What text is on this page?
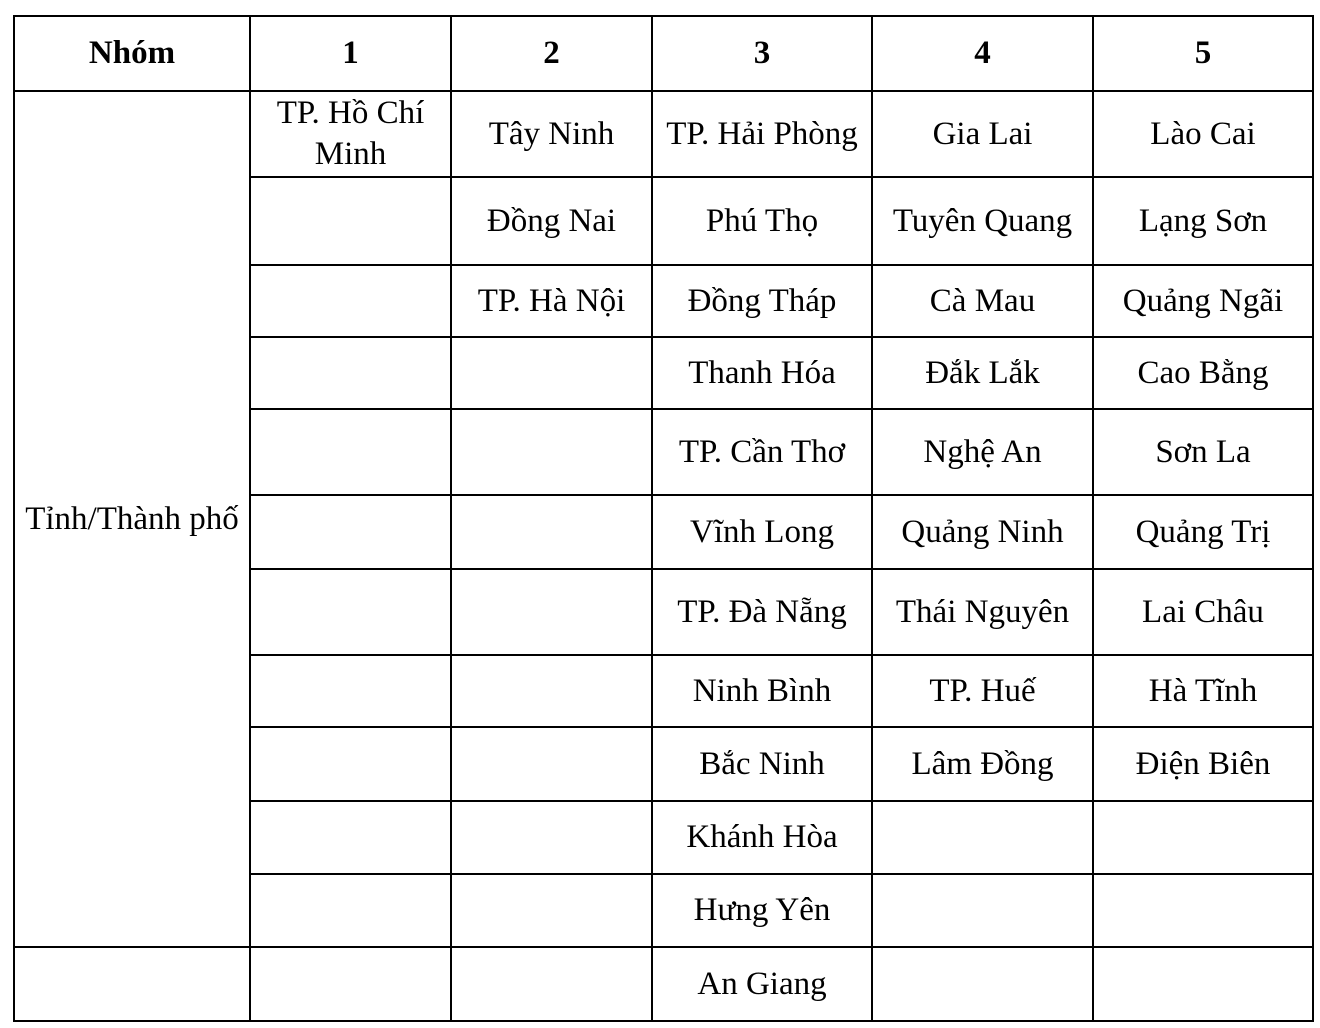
Nhóm	1	2	3	4	5
Tỉnh/Thành phố	TP. Hồ Chí Minh	Tây Ninh	TP. Hải Phòng	Gia Lai	Lào Cai
		Đồng Nai	Phú Thọ	Tuyên Quang	Lạng Sơn
		TP. Hà Nội	Đồng Tháp	Cà Mau	Quảng Ngãi
			Thanh Hóa	Đắk Lắk	Cao Bằng
			TP. Cần Thơ	Nghệ An	Sơn La
			Vĩnh Long	Quảng Ninh	Quảng Trị
			TP. Đà Nẵng	Thái Nguyên	Lai Châu
			Ninh Bình	TP. Huế	Hà Tĩnh
			Bắc Ninh	Lâm Đồng	Điện Biên
			Khánh Hòa		
			Hưng Yên		
			An Giang		
